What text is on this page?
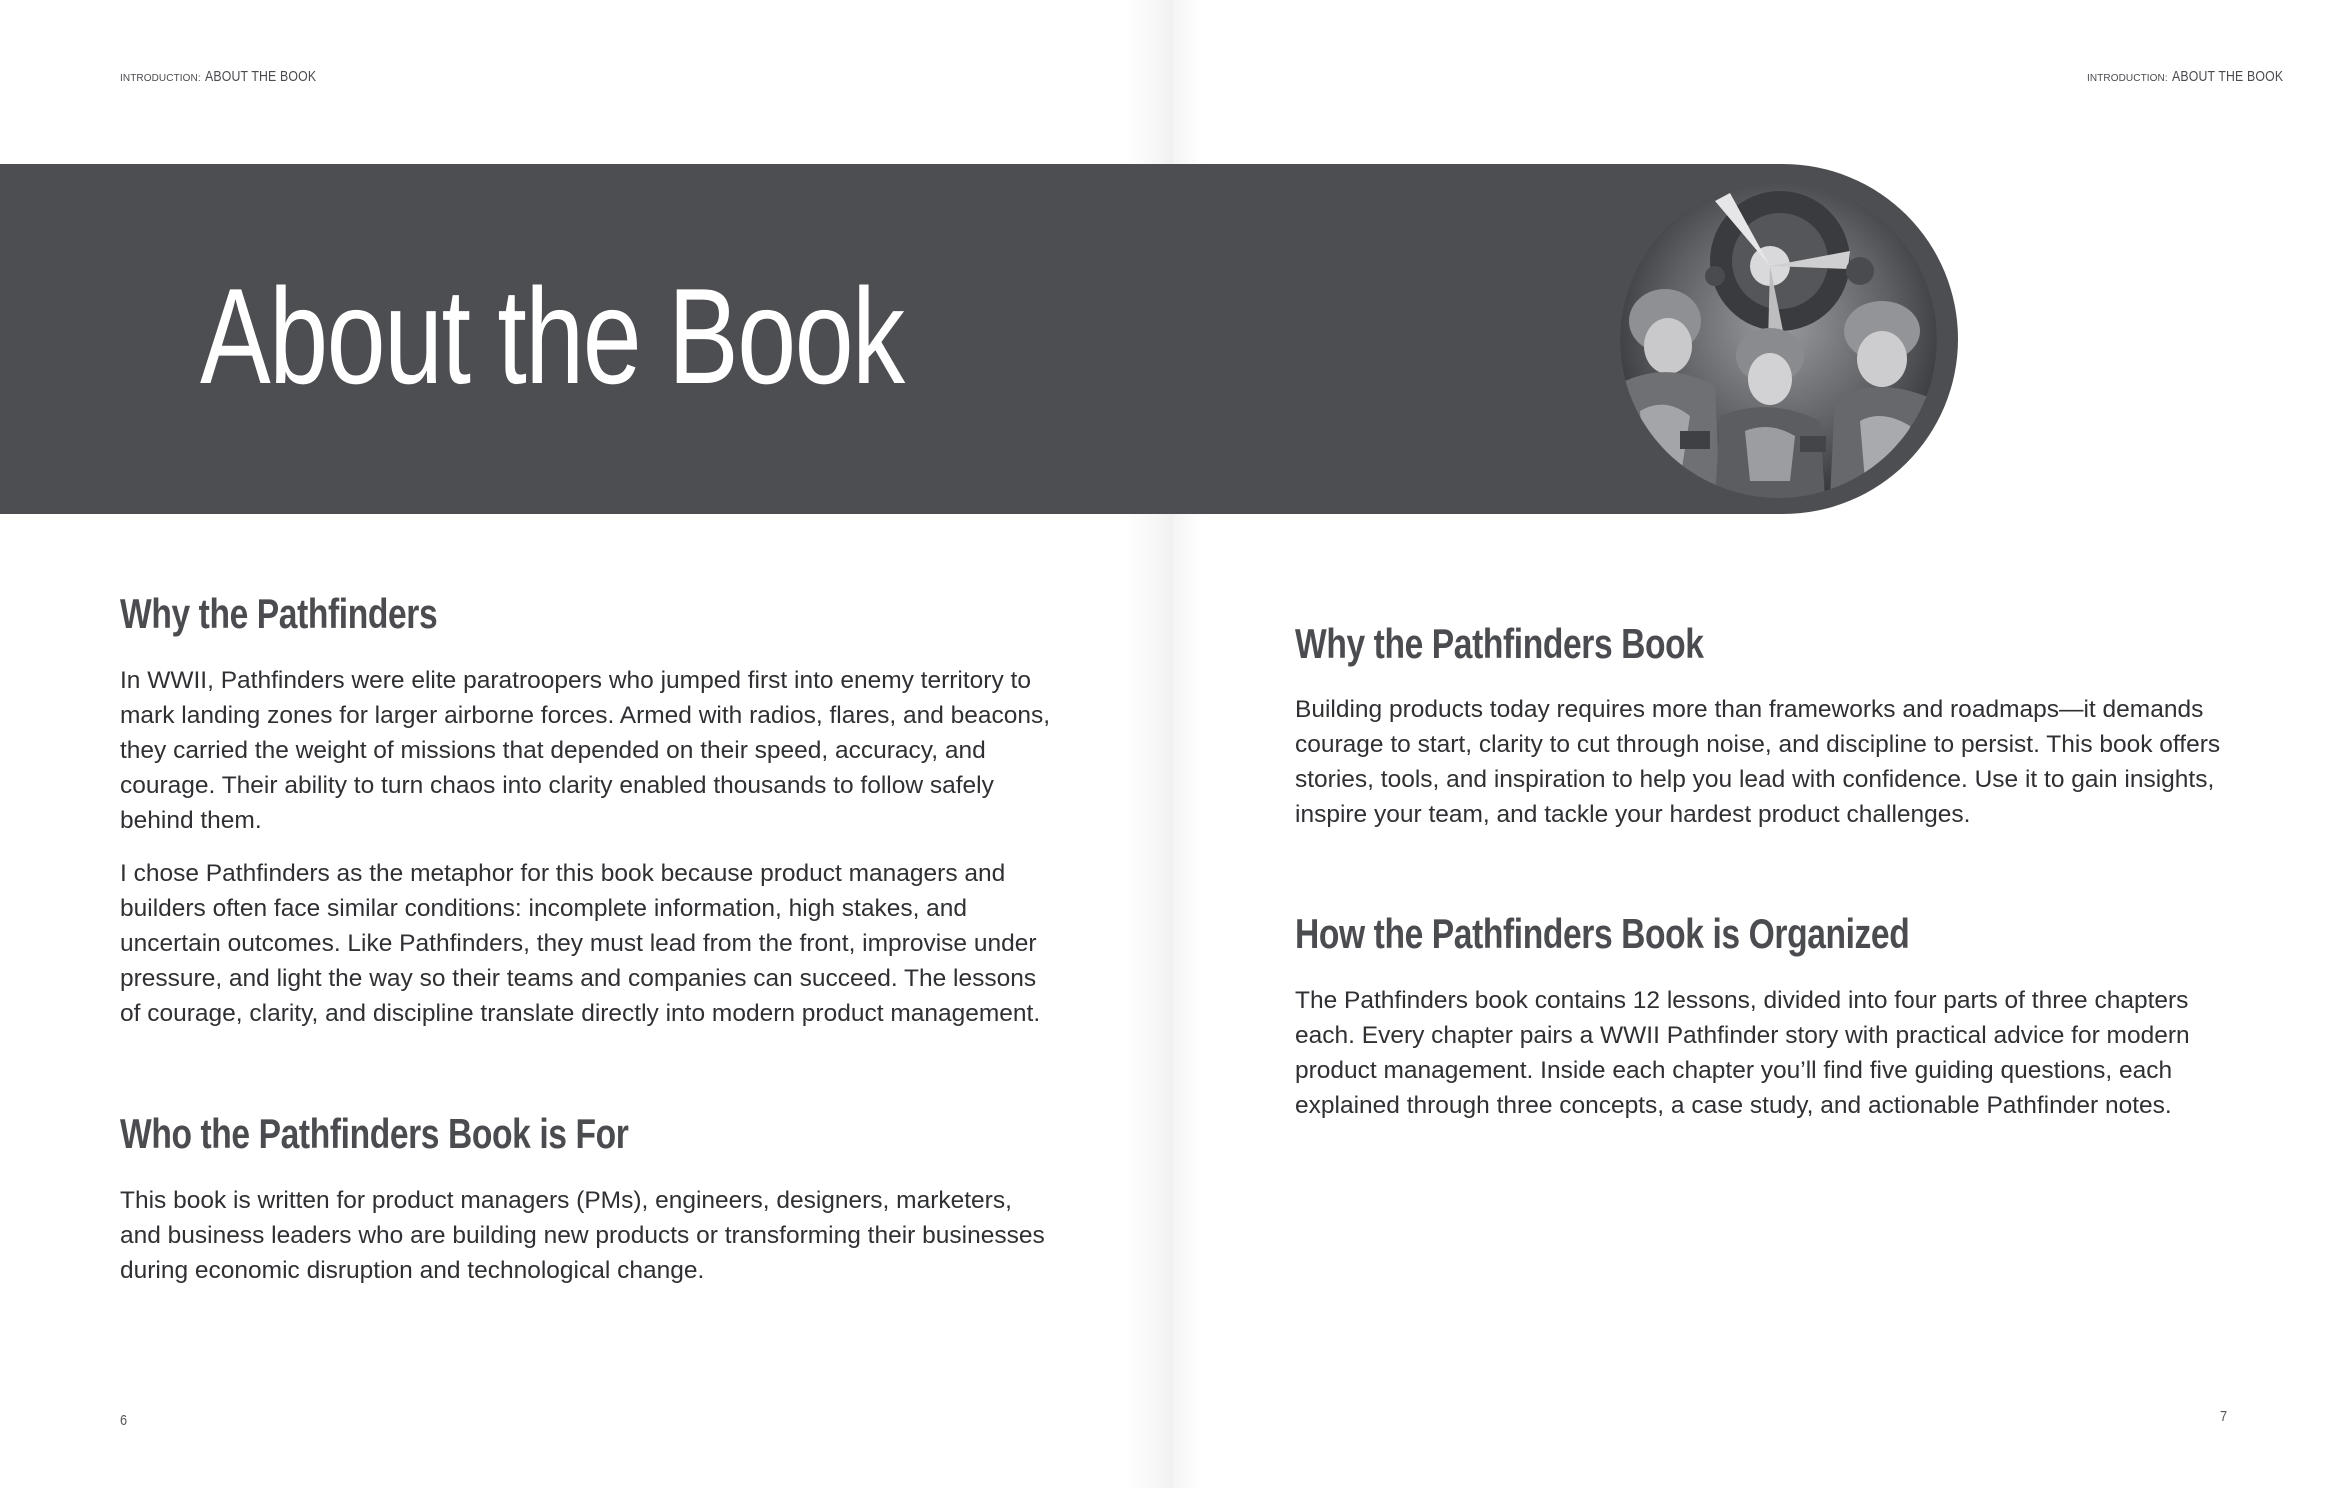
INTRODUCTION: ABOUT THE BOOK	INTRODUCTION: ABOUT THE BOOK
About the Book
Why the Pathfinders

In WWII, Pathfinders were elite paratroopers who jumped first into enemy territory to mark landing zones for larger airborne forces. Armed with radios, flares, and beacons, they carried the weight of missions that depended on their speed, accuracy, and courage. Their ability to turn chaos into clarity enabled thousands to follow safely behind them.

I chose Pathfinders as the metaphor for this book because product managers and builders often face similar conditions: incomplete information, high stakes, and uncertain outcomes. Like Pathfinders, they must lead from the front, improvise under pressure, and light the way so their teams and companies can succeed. The lessons of courage, clarity, and discipline translate directly into modern product management.

Who the Pathfinders Book is For

This book is written for product managers (PMs), engineers, designers, marketers, and business leaders who are building new products or transforming their businesses during economic disruption and technological change.

6
Why the Pathfinders Book

Building products today requires more than frameworks and roadmaps—it demands courage to start, clarity to cut through noise, and discipline to persist. This book offers stories, tools, and inspiration to help you lead with confidence. Use it to gain insights, inspire your team, and tackle your hardest product challenges.

How the Pathfinders Book is Organized

The Pathfinders book contains 12 lessons, divided into four parts of three chapters each. Every chapter pairs a WWII Pathfinder story with practical advice for modern product management. Inside each chapter you’ll find five guiding questions, each explained through three concepts, a case study, and actionable Pathfinder notes.

7
